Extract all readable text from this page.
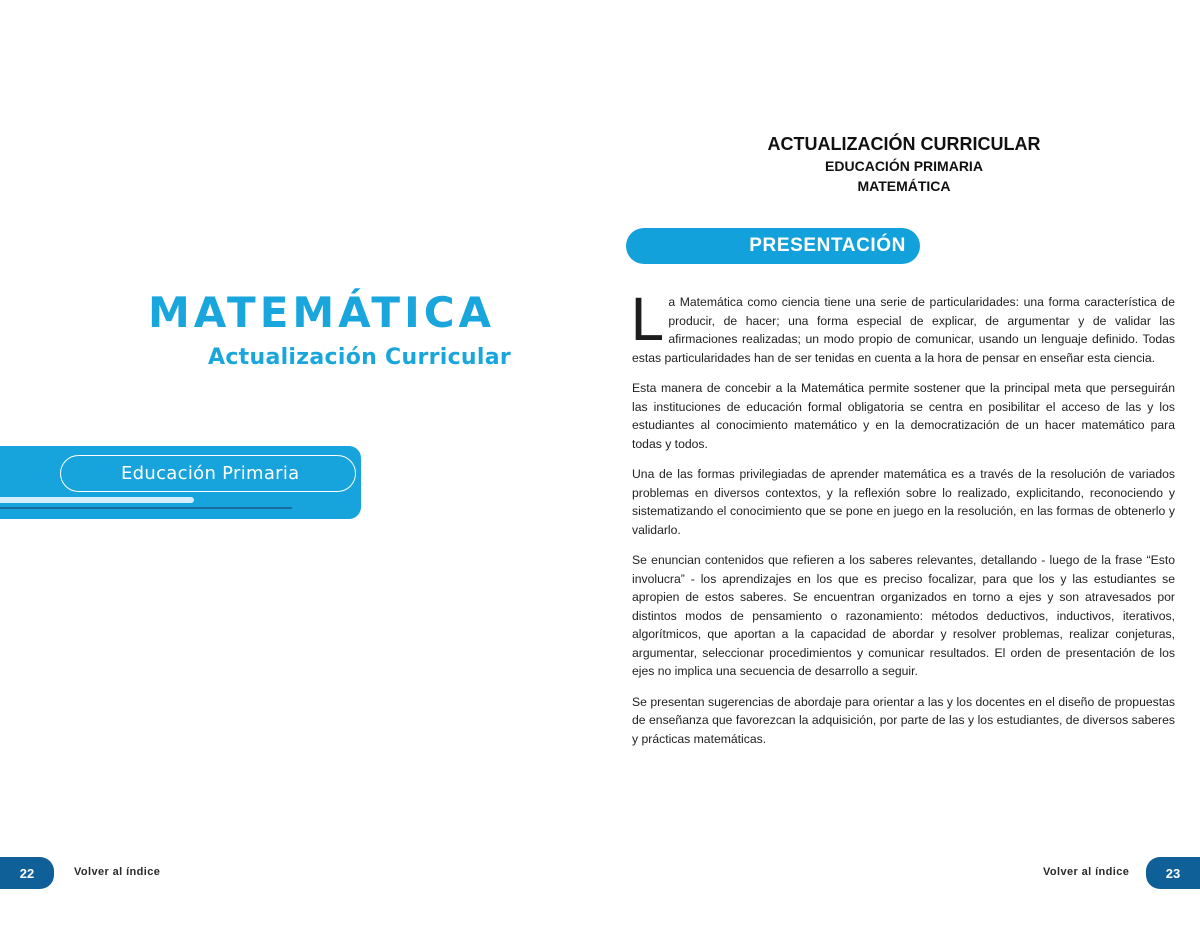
MATEMÁTICA
Actualización Curricular
Educación Primaria
22	Volver al índice
ACTUALIZACIÓN CURRICULAR
EDUCACIÓN PRIMARIA
MATEMÁTICA
PRESENTACIÓN

L a Matemática como ciencia tiene una serie de particularidades: una forma característica de producir, de hacer; una forma especial de explicar, de argumentar y de validar las afirmaciones realizadas; un modo propio de comunicar, usando un lenguaje definido. Todas estas particularidades han de ser tenidas en cuenta a la hora de pensar en enseñar esta ciencia.

Esta manera de concebir a la Matemática permite sostener que la principal meta que perseguirán las instituciones de educación formal obligatoria se centra en posibilitar el acceso de las y los estudiantes al conocimiento matemático y en la democratización de un hacer matemático para todas y todos.

Una de las formas privilegiadas de aprender matemática es a través de la resolución de variados problemas en diversos contextos, y la reflexión sobre lo realizado, explicitando, reconociendo y sistematizando el conocimiento que se pone en juego en la resolución, en las formas de obtenerlo y validarlo.

Se enuncian contenidos que refieren a los saberes relevantes, detallando - luego de la frase “Esto involucra” - los aprendizajes en los que es preciso focalizar, para que los y las estudiantes se apropien de estos saberes. Se encuentran organizados en torno a ejes y son atravesados por distintos modos de pensamiento o razonamiento: métodos deductivos, inductivos, iterativos, algorítmicos, que aportan a la capacidad de abordar y resolver problemas, realizar conjeturas, argumentar, seleccionar procedimientos y comunicar resultados. El orden de presentación de los ejes no implica una secuencia de desarrollo a seguir.

Se presentan sugerencias de abordaje para orientar a las y los docentes en el diseño de propuestas de enseñanza que favorezcan la adquisición, por parte de las y los estudiantes, de diversos saberes y prácticas matemáticas.

Volver al índice	23
